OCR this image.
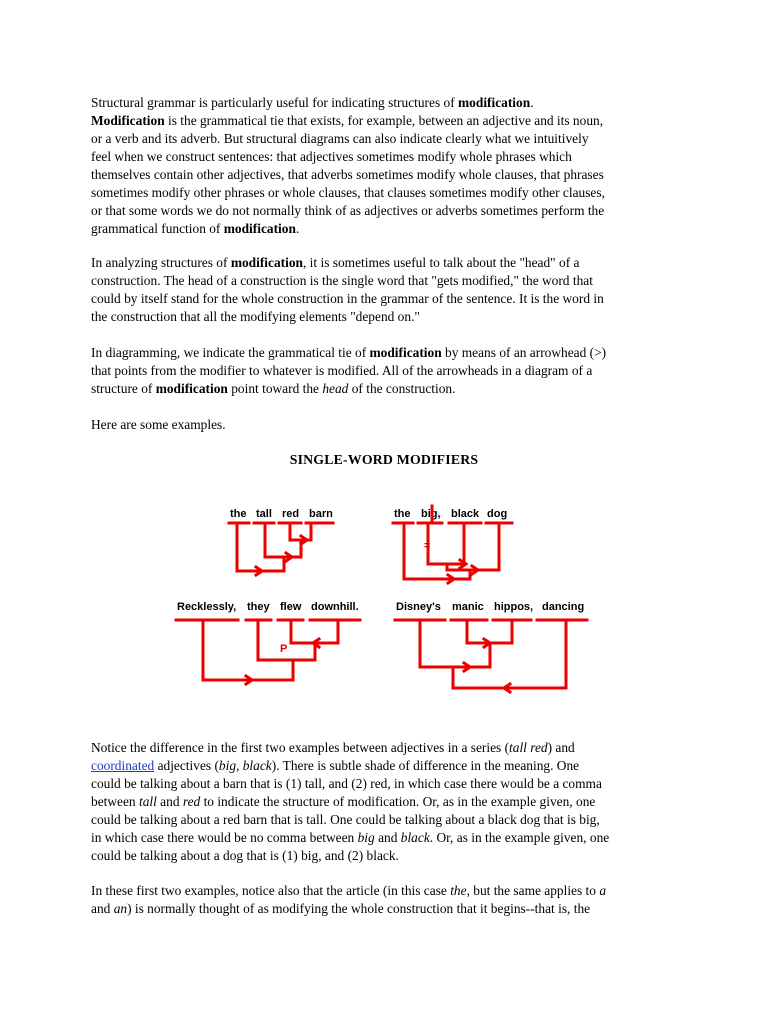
Structural grammar is particularly useful for indicating structures of modification.
Modification is the grammatical tie that exists, for example, between an adjective and its noun,
or a verb and its adverb. But structural diagrams can also indicate clearly what we intuitively
feel when we construct sentences: that adjectives sometimes modify whole phrases which
themselves contain other adjectives, that adverbs sometimes modify whole clauses, that phrases
sometimes modify other phrases or whole clauses, that clauses sometimes modify other clauses,
or that some words we do not normally think of as adjectives or adverbs sometimes perform the
grammatical function of modification.
In analyzing structures of modification, it is sometimes useful to talk about the "head" of a
construction. The head of a construction is the single word that "gets modified," the word that
could by itself stand for the whole construction in the grammar of the sentence. It is the word in
the construction that all the modifying elements "depend on."
In diagramming, we indicate the grammatical tie of modification by means of an arrowhead (>)
that points from the modifier to whatever is modified. All of the arrowheads in a diagram of a
structure of modification point toward the head of the construction.
Here are some examples.
SINGLE-WORD MODIFIERS
the tall red barn	the big, black dog
=
Recklessly, they flew downhill.
P
Disney's manic hippos, dancing
Notice the difference in the first two examples between adjectives in a series (tall red) and
coordinated adjectives (big, black). There is subtle shade of difference in the meaning. One
could be talking about a barn that is (1) tall, and (2) red, in which case there would be a comma
between tall and red to indicate the structure of modification. Or, as in the example given, one
could be talking about a red barn that is tall. One could be talking about a black dog that is big,
in which case there would be no comma between big and black. Or, as in the example given, one
could be talking about a dog that is (1) big, and (2) black.
In these first two examples, notice also that the article (in this case the, but the same applies to a
and an) is normally thought of as modifying the whole construction that it begins--that is, the
